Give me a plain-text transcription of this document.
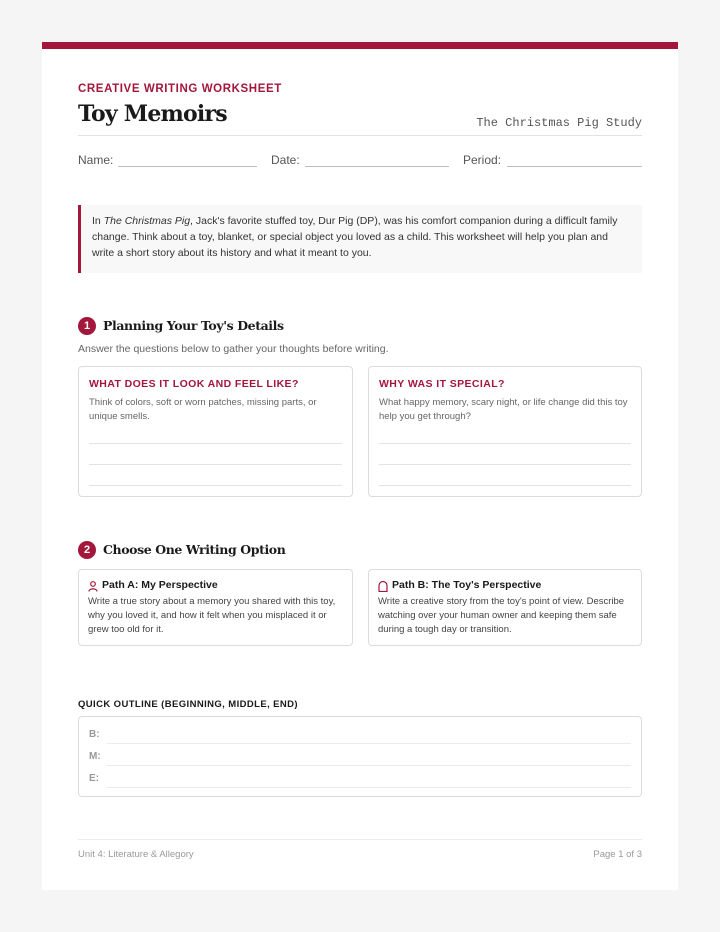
CREATIVE WRITING WORKSHEET
Toy Memoirs	The Christmas Pig Study
Name:	Date:	Period:
In The Christmas Pig, Jack's favorite stuffed toy, Dur Pig (DP), was his comfort companion during a difficult family change. Think about a toy, blanket, or special object you loved as a child. This worksheet will help you plan and write a short story about its history and what it meant to you.
1	Planning Your Toy's Details
Answer the questions below to gather your thoughts before writing.
WHAT DOES IT LOOK AND FEEL LIKE?
Think of colors, soft or worn patches, missing parts, or unique smells.
WHY WAS IT SPECIAL?
What happy memory, scary night, or life change did this toy help you get through?
2	Choose One Writing Option
Path A: My Perspective
Write a true story about a memory you shared with this toy, why you loved it, and how it felt when you misplaced it or grew too old for it.
Path B: The Toy's Perspective
Write a creative story from the toy's point of view. Describe watching over your human owner and keeping them safe during a tough day or transition.
QUICK OUTLINE (BEGINNING, MIDDLE, END)
B:
M:
E:
Unit 4: Literature & Allegory	Page 1 of 3
